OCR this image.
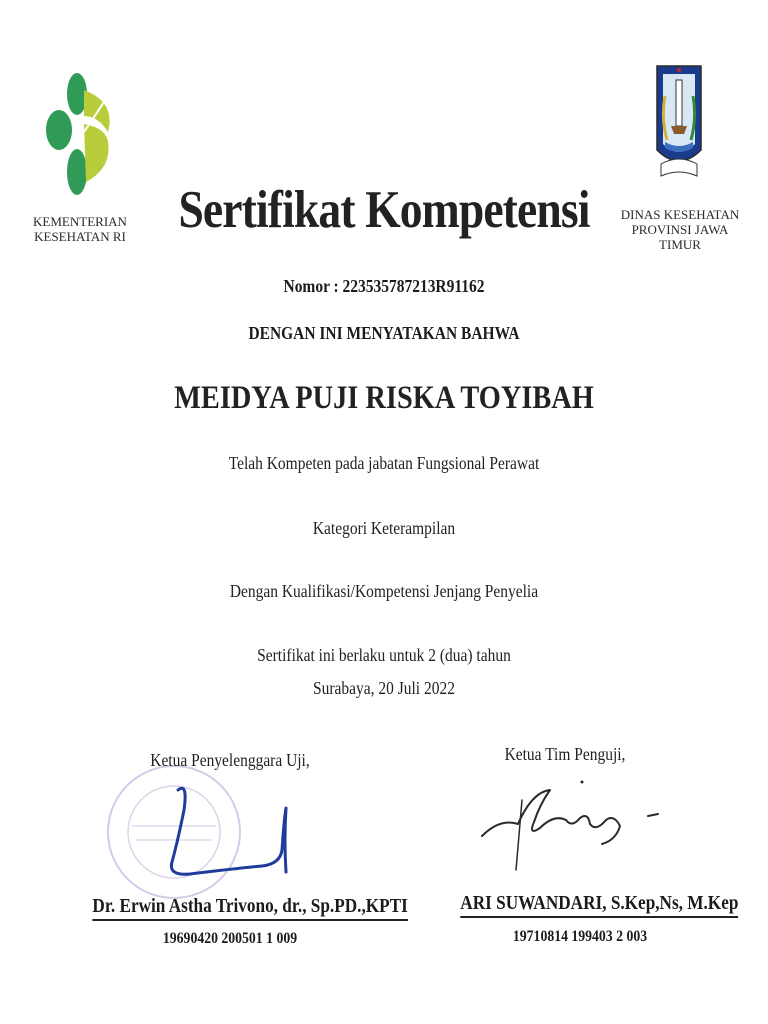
KEMENTERIAN
KESEHATAN RI
DINAS KESEHATAN
PROVINSI JAWA TIMUR
Sertifikat Kompetensi
Nomor : 223535787213R91162
DENGAN INI MENYATAKAN BAHWA
MEIDYA PUJI RISKA TOYIBAH
Telah Kompeten pada jabatan Fungsional Perawat
Kategori Keterampilan
Dengan Kualifikasi/Kompetensi Jenjang Penyelia
Sertifikat ini berlaku untuk 2 (dua) tahun
Surabaya, 20 Juli 2022
Ketua Penyelenggara Uji,	Ketua Tim Penguji,
Dr. Erwin Astha Trivono, dr., Sp.PD.,KPTI	ARI SUWANDARI, S.Kep,Ns, M.Kep
19690420 200501 1 009	19710814 199403 2 003
